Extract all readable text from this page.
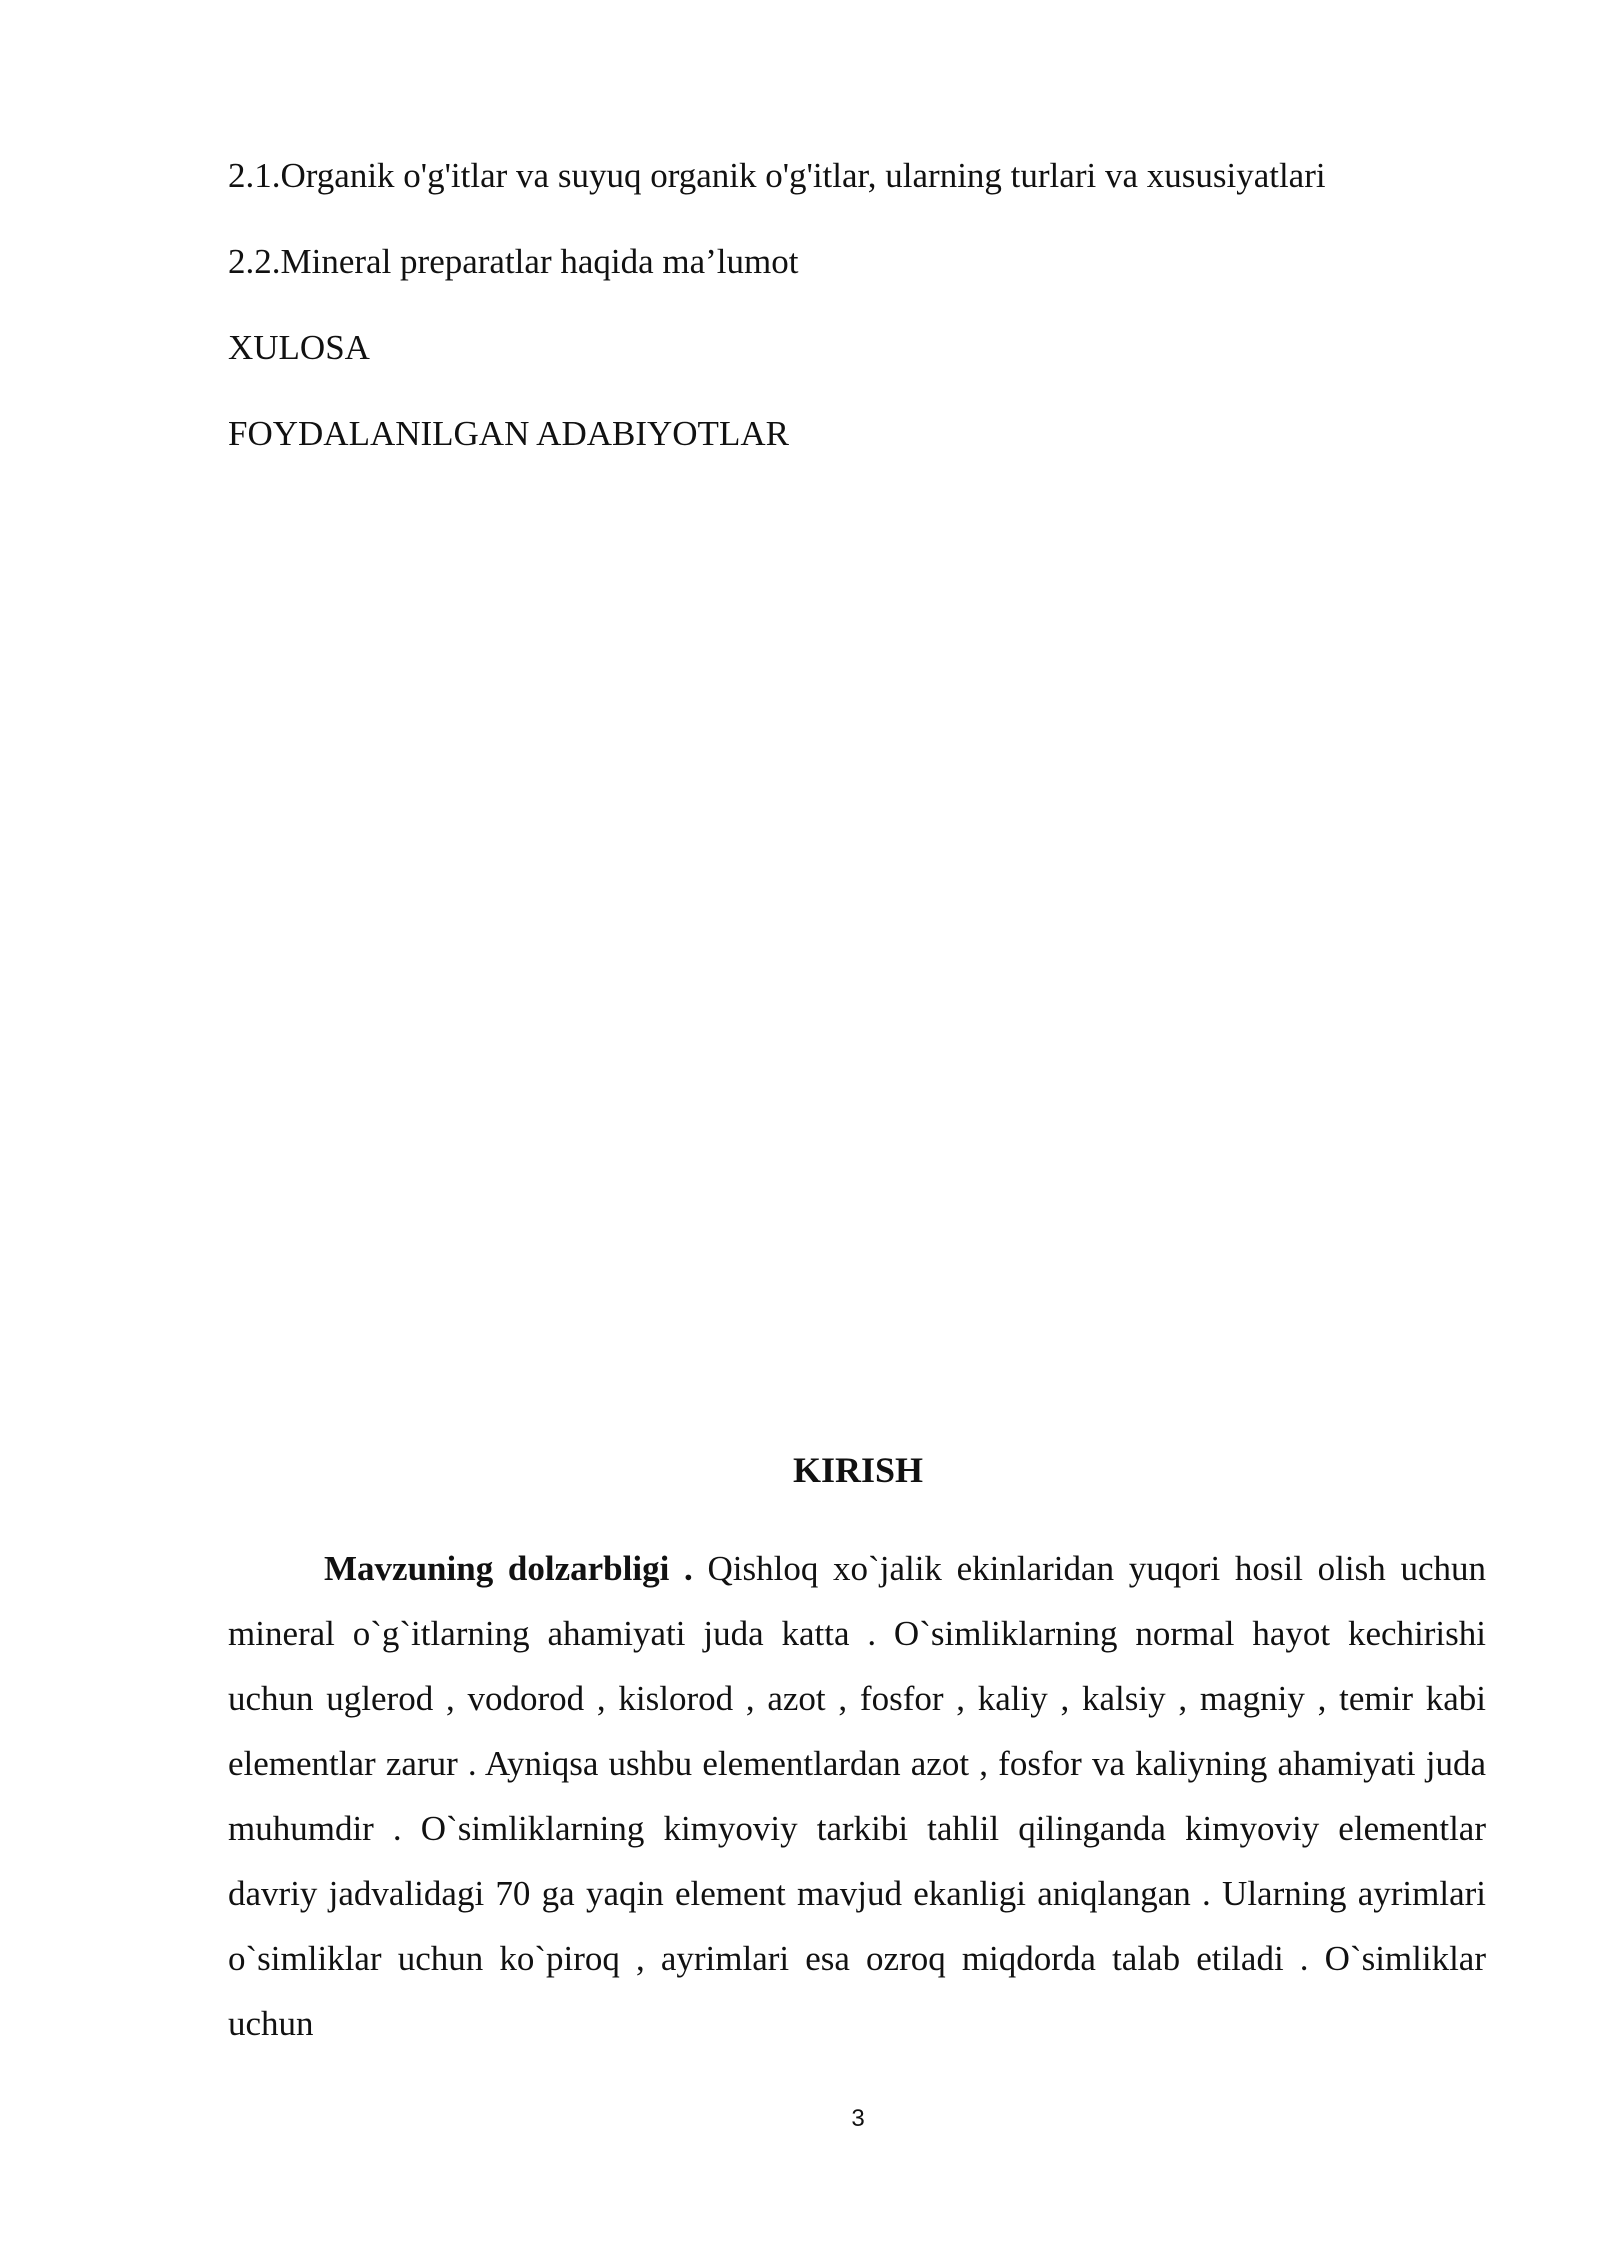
2.1.Organik o'g'itlar va suyuq organik o'g'itlar, ularning turlari va xususiyatlari
2.2.Mineral preparatlar haqida ma’lumot
XULOSA
FOYDALANILGAN ADABIYOTLAR
KIRISH

Mavzuning dolzarbligi . Qishloq xo`jalik ekinlaridan yuqori hosil olish uchun mineral o`g`itlarning ahamiyati juda katta . O`simliklarning normal hayot kechirishi uchun uglerod , vodorod , kislorod , azot , fosfor , kaliy , kalsiy , magniy , temir kabi elementlar zarur . Ayniqsa ushbu elementlardan azot , fosfor va kaliyning ahamiyati juda muhumdir . O`simliklarning kimyoviy tarkibi tahlil qilinganda kimyoviy elementlar davriy jadvalidagi 70 ga yaqin element mavjud ekanligi aniqlangan . Ularning ayrimlari o`simliklar uchun ko`piroq , ayrimlari esa ozroq miqdorda talab etiladi . O`simliklar uchun

3
